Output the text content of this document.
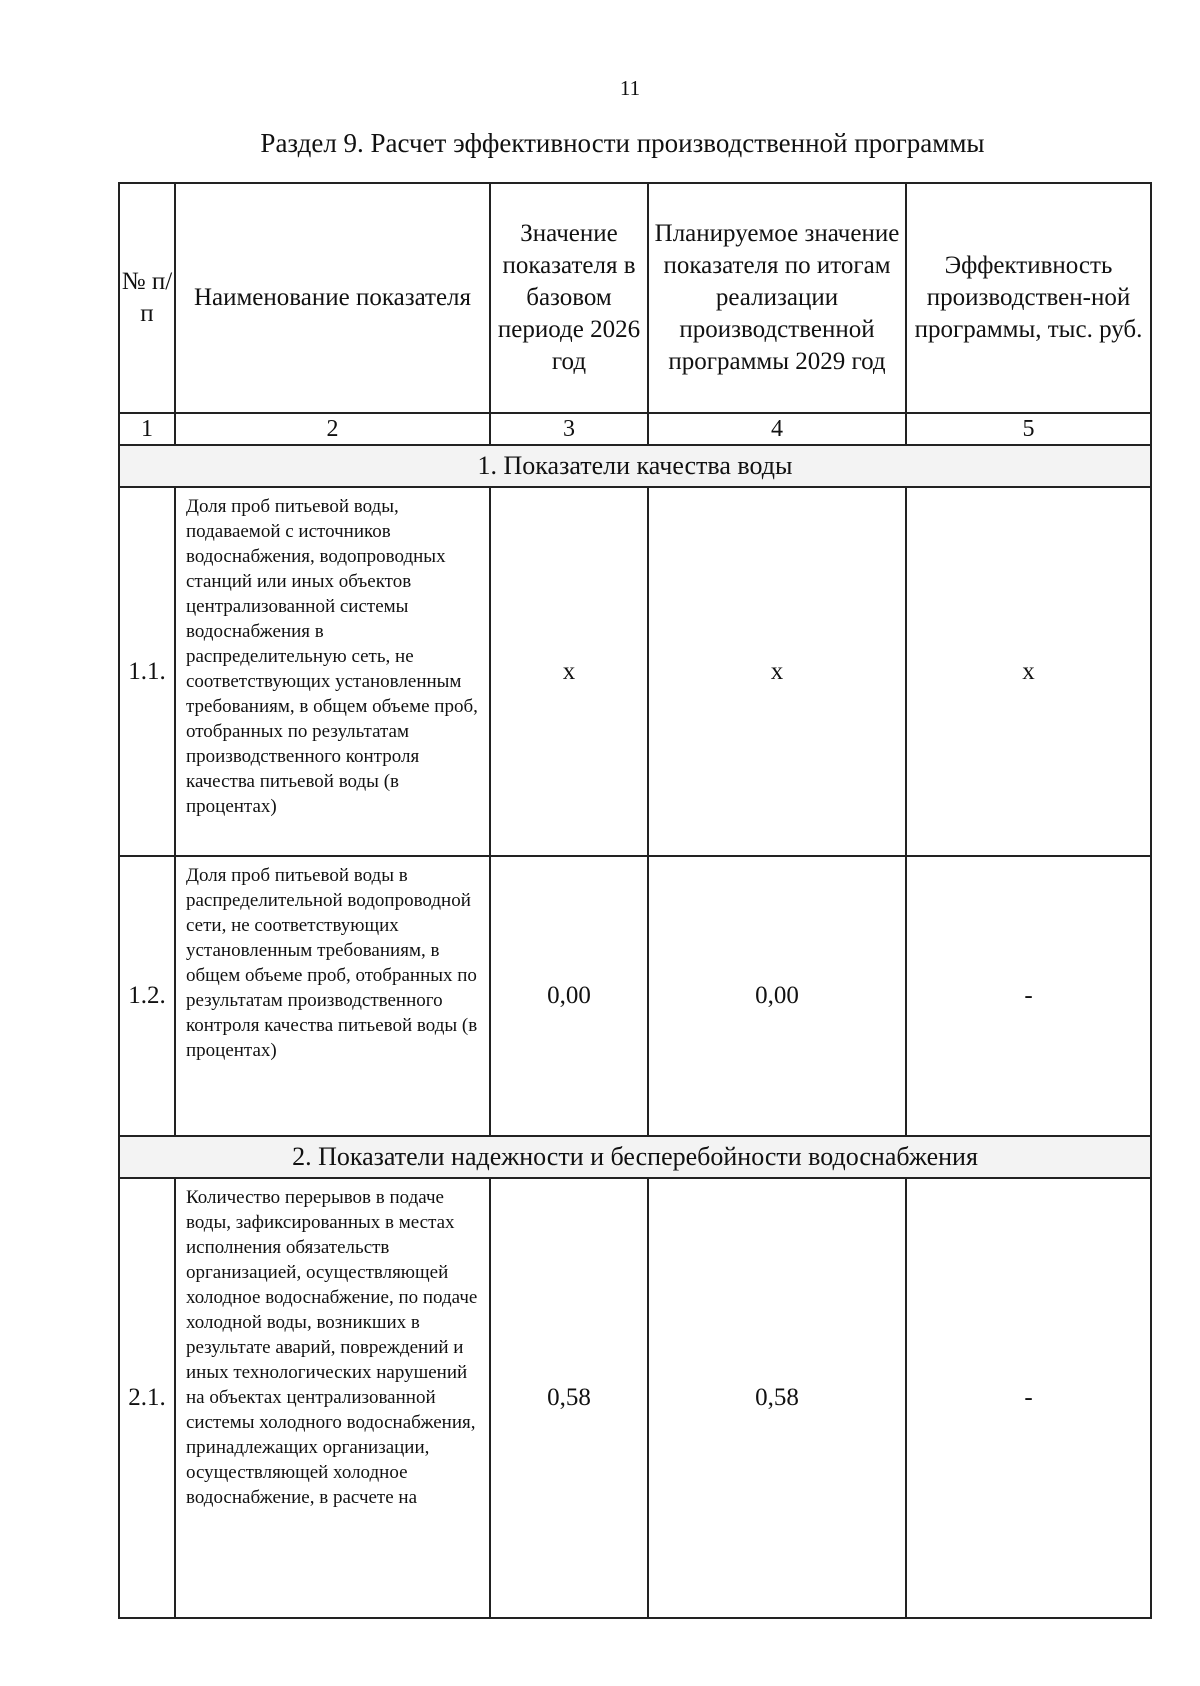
11
Раздел 9. Расчет эффективности производственной программы
№ п/п	Наименование показателя	Значение показателя в базовом периоде 2026 год	Планируемое значение показателя по итогам реализации производственной программы 2029 год	Эффективность производствен-ной программы, тыс. руб.
1	2	3	4	5
1. Показатели качества воды				
1.1.	Доля проб питьевой воды, подаваемой с источников водоснабжения, водопроводных станций или иных объектов централизованной системы водоснабжения в распределительную сеть, не соответствующих установленным требованиям, в общем объеме проб, отобранных по результатам производственного контроля качества питьевой воды (в процентах)	x	x	x
1.2.	Доля проб питьевой воды в распределительной водопроводной сети, не соответствующих установленным требованиям, в общем объеме проб, отобранных по результатам производственного контроля качества питьевой воды (в процентах)	0,00	0,00	-
2. Показатели надежности и бесперебойности водоснабжения				
2.1.	Количество перерывов в подаче воды, зафиксированных в местах исполнения обязательств организацией, осуществляющей холодное водоснабжение, по подаче холодной воды, возникших в результате аварий, повреждений и иных технологических нарушений на объектах централизованной системы холодного водоснабжения, принадлежащих организации, осуществляющей холодное водоснабжение, в расчете на	0,58	0,58	-
